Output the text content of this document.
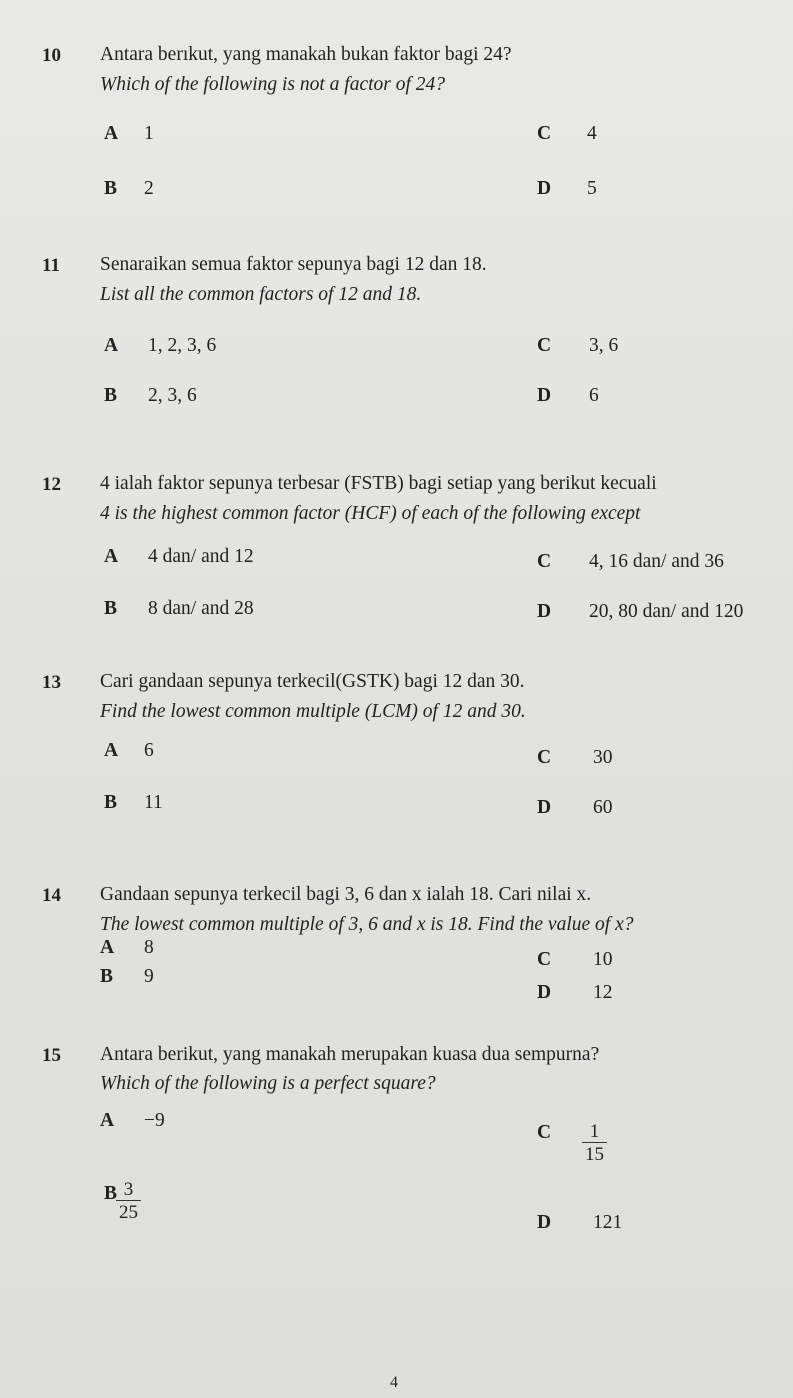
10 Antara berıkut, yang manakah bukan faktor bagi 24?
Which of the following is not a factor of 24?
A 1
B 2
C 4
D 5
11 Senaraikan semua faktor sepunya bagi 12 dan 18.
List all the common factors of 12 and 18.
A 1, 2, 3, 6
B 2, 3, 6
C 3, 6
D 6
12 4 ialah faktor sepunya terbesar (FSTB) bagi setiap yang berikut kecuali
4 is the highest common factor (HCF) of each of the following except
A 4 dan/ and 12
B 8 dan/ and 28
C 4, 16 dan/ and 36
D 20, 80 dan/ and 120
13 Cari gandaan sepunya terkecil(GSTK) bagi 12 dan 30.
Find the lowest common multiple (LCM) of 12 and 30.
A 6
B 11
C 30
D 60
14 Gandaan sepunya terkecil bagi 3, 6 dan x ialah 18. Cari nilai x.
The lowest common multiple of 3, 6 and x is 18. Find the value of x?
A 8
B 9
C 10
D 12
15 Antara berikut, yang manakah merupakan kuasa dua sempurna?
Which of the following is a perfect square?
A −9
B
$\frac{3}{25}$
C	$\frac{1}{15}$
D 121
4
